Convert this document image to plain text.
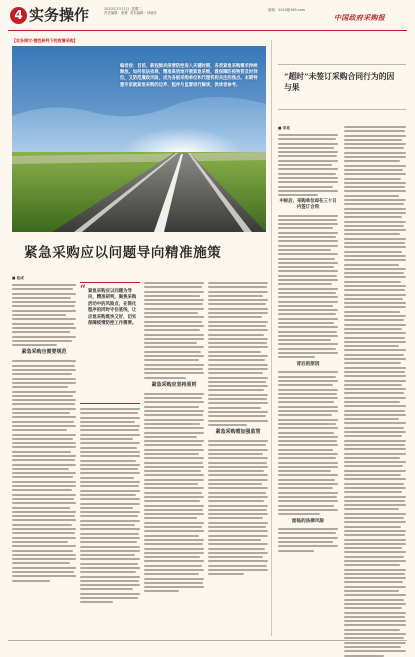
4 实务操作	2020年2月11日 星期二
责任编辑：张维 美术编辑：孙晓东
邮箱：2010@163.com
中国政府采购报
【实务探讨·理性研判下的疫情采购】
编者按：目前，新冠肺炎疫情防控进入关键时期，各类紧急采购需求持续释放。如何依法依规、精准高效地开展紧急采购，既保障防疫物资及时到位，又防范廉政风险，成为各级采购单位和代理机构关注的焦点。本期特邀专家就紧急采购的边界、程序与监督进行解读，供读者参考。
紧急采购应以问题导向精准施策
■ 桂成
紧急采购也需要规范
“ 紧急采购应以问题为导向，精准研判，聚焦采购活动中的风险点，在简化程序的同时守住底线，让应急采购既快又好，切实保障疫情防控工作需要。
紧急采购应坚持原则
紧急采购需加强监管
“超时”未签订采购合同行为的因与果
■ 李亮
中标后，采购单位却在三十日内签订合同
背后的原因
面临的法律风险
